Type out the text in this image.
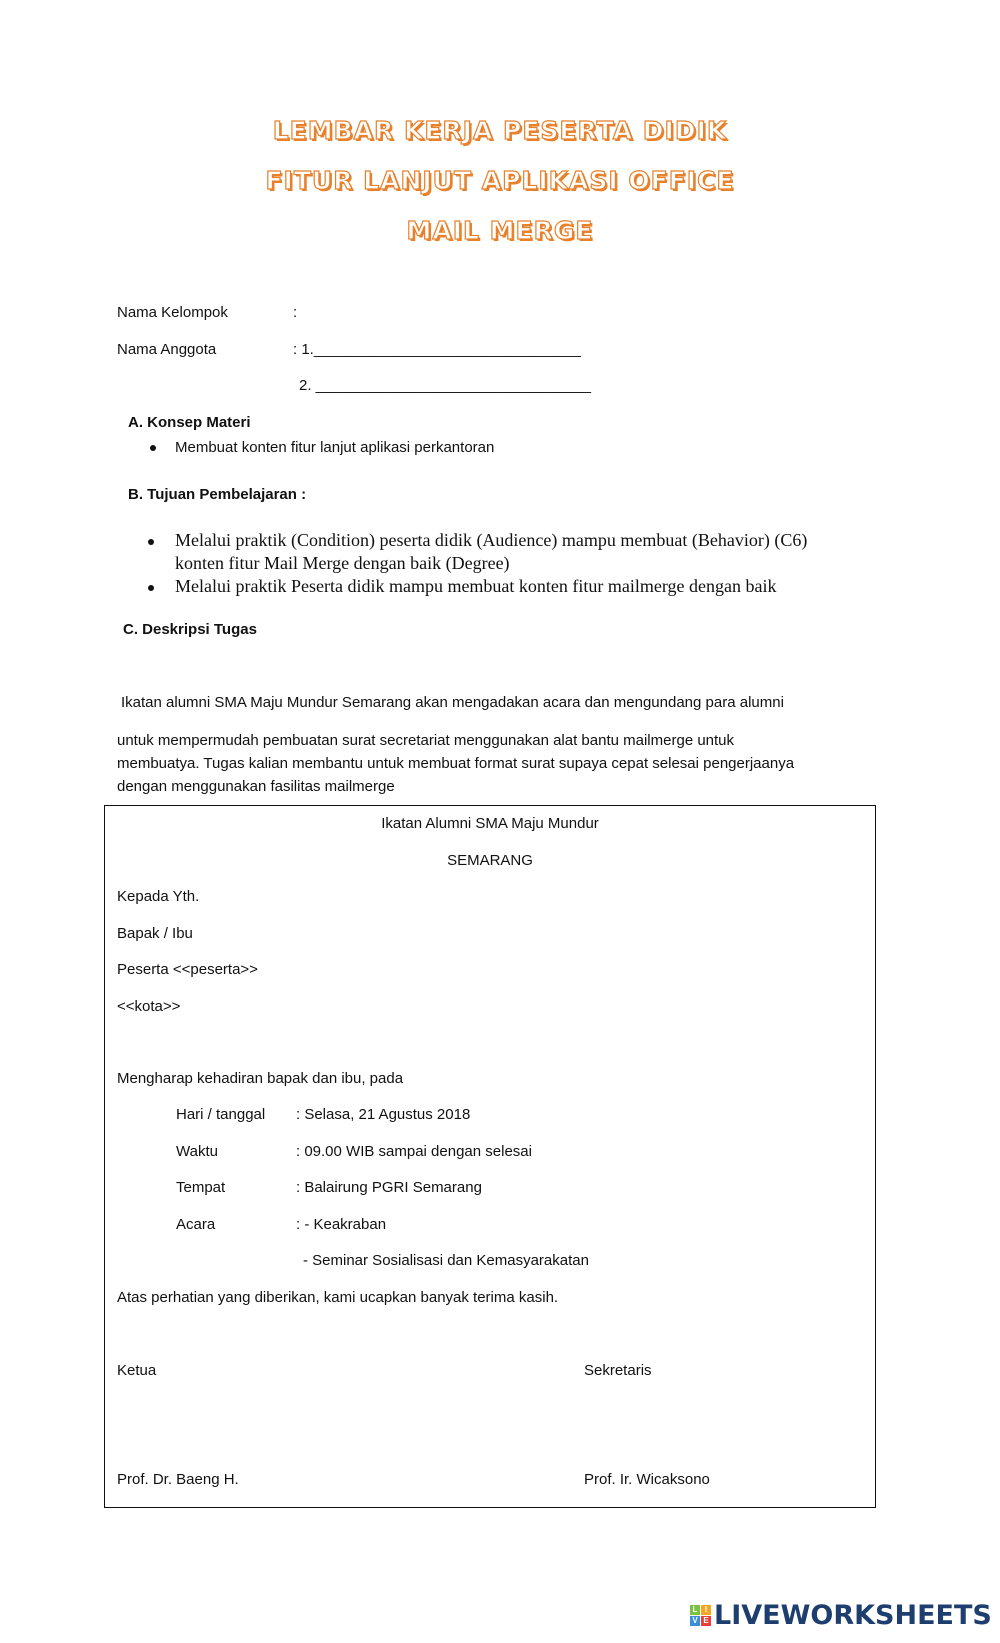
LEMBAR KERJA PESERTA DIDIK
FITUR LANJUT APLIKASI OFFICE
MAIL MERGE
Nama Kelompok	:
Nama Anggota	: 1.________________________________
2. _________________________________
A. Konsep Materi
Membuat konten fitur lanjut aplikasi perkantoran
B. Tujuan Pembelajaran :
Melalui praktik (Condition) peserta didik (Audience) mampu membuat (Behavior) (C6)
konten fitur Mail Merge dengan baik (Degree)
Melalui praktik Peserta didik mampu membuat konten fitur mailmerge dengan baik
C. Deskripsi Tugas
Ikatan alumni SMA Maju Mundur Semarang akan mengadakan acara dan mengundang para alumni
untuk mempermudah pembuatan surat secretariat menggunakan alat bantu mailmerge untuk
membuatya. Tugas kalian membantu untuk membuat format surat supaya cepat selesai pengerjaanya
dengan menggunakan fasilitas mailmerge
Ikatan Alumni SMA Maju Mundur
SEMARANG
Kepada Yth.
Bapak / Ibu
Peserta <<peserta>>
<<kota>>
Mengharap kehadiran bapak dan ibu, pada
Hari / tanggal : Selasa, 21 Agustus 2018
Waktu	: 09.00 WIB sampai dengan selesai
Tempat	: Balairung PGRI Semarang
Acara	: - Keakraban
- Seminar Sosialisasi dan Kemasyarakatan
Atas perhatian yang diberikan, kami ucapkan banyak terima kasih.
Ketua	Sekretaris
Prof. Dr. Baeng H.	Prof. Ir. Wicaksono
L I
V E LIVEWORKSHEETS
